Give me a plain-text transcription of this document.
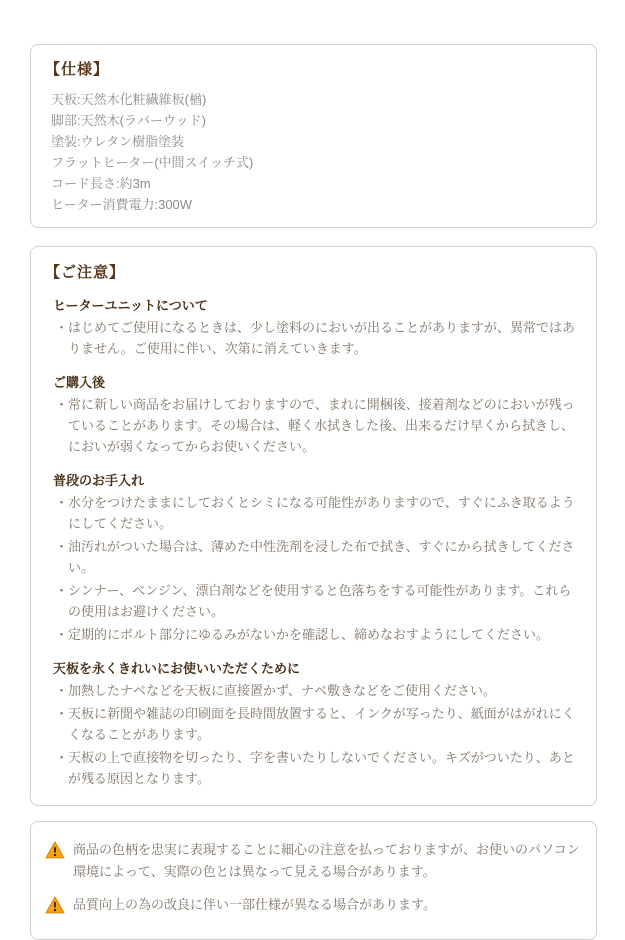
【仕様】
天板:天然木化粧繊維板(楢)
脚部:天然木(ラバーウッド)
塗装:ウレタン樹脂塗装
フラットヒーター(中間スイッチ式)
コード長さ:約3m
ヒーター消費電力:300W
【ご注意】
ヒーターユニットについて

・はじめてご使用になるときは、少し塗料のにおいが出ることがありますが、異常ではありません。ご使用に伴い、次第に消えていきます。

ご購入後

・常に新しい商品をお届けしておりますので、まれに開梱後、接着剤などのにおいが残っていることがあります。その場合は、軽く水拭きした後、出来るだけ早くから拭きし、においが弱くなってからお使いください。

普段のお手入れ

・水分をつけたままにしておくとシミになる可能性がありますので、すぐにふき取るようにしてください。

・油汚れがついた場合は、薄めた中性洗剤を浸した布で拭き、すぐにから拭きしてください。

・シンナー、ベンジン、漂白剤などを使用すると色落ちをする可能性があります。これらの使用はお避けください。

・定期的にボルト部分にゆるみがないかを確認し、締めなおすようにしてください。

天板を永くきれいにお使いいただくために

・加熱したナベなどを天板に直接置かず、ナベ敷きなどをご使用ください。

・天板に新聞や雑誌の印刷面を長時間放置すると、インクが写ったり、紙面がはがれにくくなることがあります。

・天板の上で直接物を切ったり、字を書いたりしないでください。キズがついたり、あとが残る原因となります。

商品の色柄を忠実に表現することに細心の注意を払っておりますが、お使いのパソコン環境によって、実際の色とは異なって見える場合があります。
品質向上の為の改良に伴い一部仕様が異なる場合があります。
